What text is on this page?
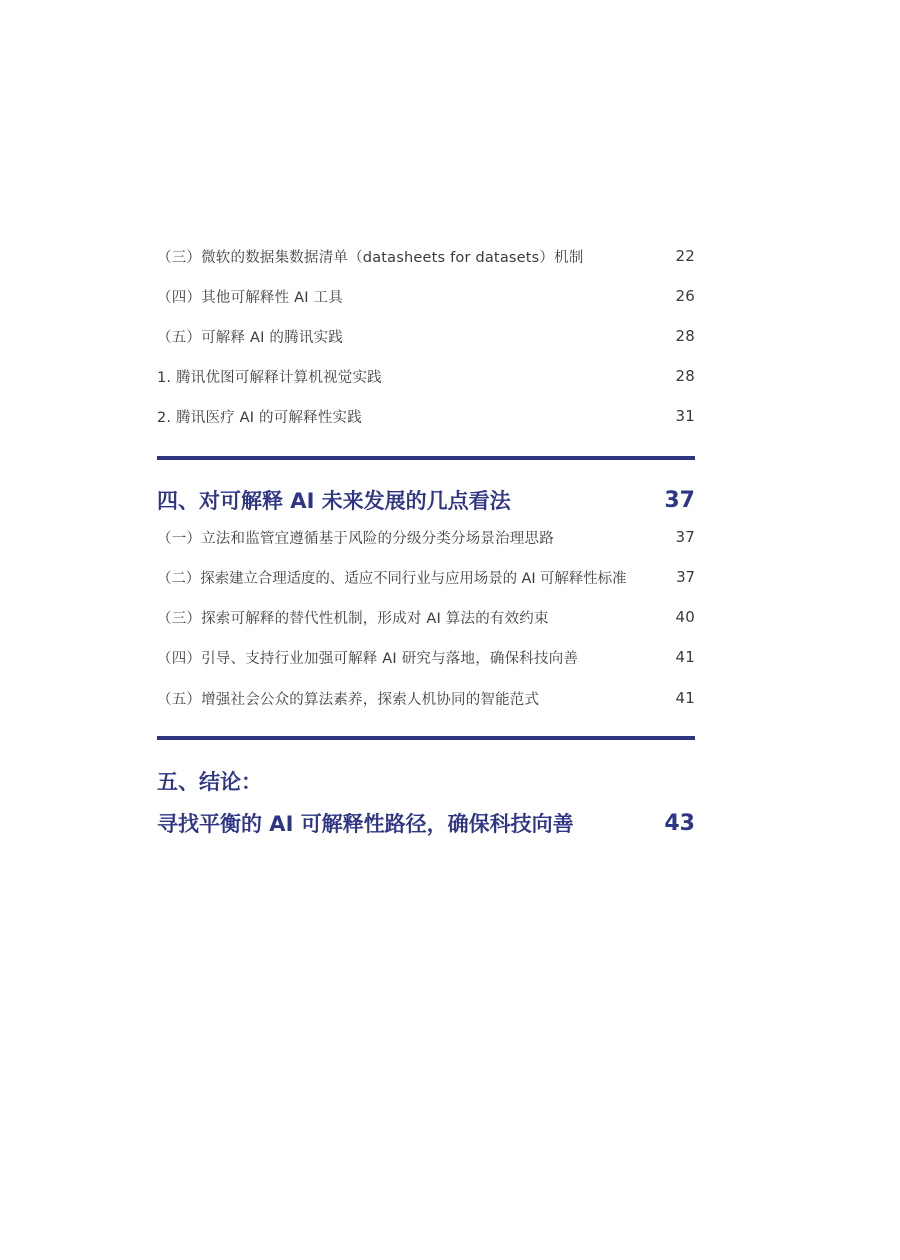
（三）微软的数据集数据清单（datasheets for datasets）机制	22
（四）其他可解释性 AI 工具	26
（五）可解释 AI 的腾讯实践	28
1. 腾讯优图可解释计算机视觉实践	28
2. 腾讯医疗 AI 的可解释性实践	31
四、对可解释 AI 未来发展的几点看法	37
（一）立法和监管宜遵循基于风险的分级分类分场景治理思路	37
（二）探索建立合理适度的、适应不同行业与应用场景的 AI 可解释性标准	37
（三）探索可解释的替代性机制，形成对 AI 算法的有效约束	40
（四）引导、支持行业加强可解释 AI 研究与落地，确保科技向善	41
（五）增强社会公众的算法素养，探索人机协同的智能范式	41
五、结论：
寻找平衡的 AI 可解释性路径，确保科技向善	43
